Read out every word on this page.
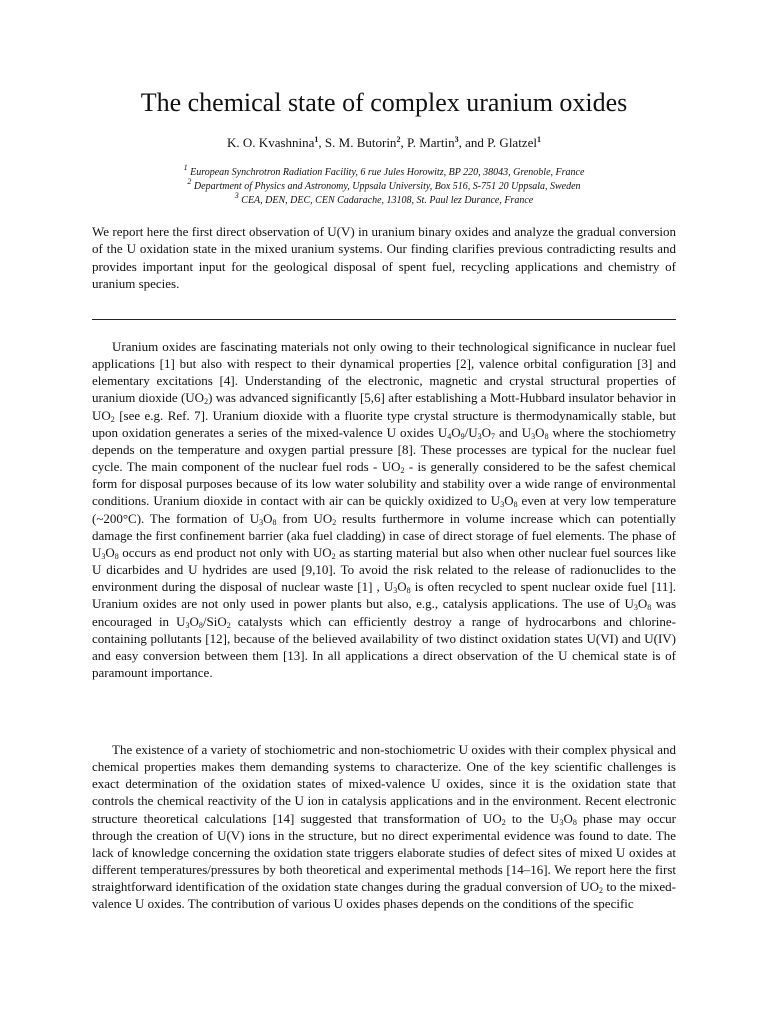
The chemical state of complex uranium oxides
K. O. Kvashnina$^1$, S. M. Butorin$^2$, P. Martin$^3$, and P. Glatzel$^1$
$^1$ European Synchrotron Radiation Facility, 6 rue Jules Horowitz, BP 220, 38043, Grenoble, France
$^2$ Department of Physics and Astronomy, Uppsala University, Box 516, S-751 20 Uppsala, Sweden
$^3$ CEA, DEN, DEC, CEN Cadarache, 13108, St. Paul lez Durance, France

We report here the first direct observation of U(V) in uranium binary oxides and analyze the gradual conversion of the U oxidation state in the mixed uranium systems. Our finding clarifies previous contradicting results and provides important input for the geological disposal of spent fuel, recycling applications and chemistry of uranium species.

Uranium oxides are fascinating materials not only owing to their technological significance in nuclear fuel applications [1] but also with respect to their dynamical properties [2], valence orbital configuration [3] and elementary excitations [4]. Understanding of the electronic, magnetic and crystal structural properties of uranium dioxide $(UO_2)$ was advanced significantly [5,6] after establishing a Mott-Hubbard insulator behavior in $UO_2$ [see e.g. Ref. 7]. Uranium dioxide with a fluorite type crystal structure is thermodynamically stable, but upon oxidation generates a series of the mixed-valence U oxides $U_4O_9/U_3O_7$ and $U_3O_8$ where the stochiometry depends on the temperature and oxygen partial pressure [8]. These processes are typical for the nuclear fuel cycle. The main component of the nuclear fuel rods - $UO_2$ - is generally considered to be the safest chemical form for disposal purposes because of its low water solubility and stability over a wide range of environmental conditions. Uranium dioxide in contact with air can be quickly oxidized to $U_3O_8$ even at very low temperature (~200°C). The formation of $U_3O_8$ from $UO_2$ results furthermore in volume increase which can potentially damage the first confinement barrier (aka fuel cladding) in case of direct storage of fuel elements. The phase of $U_3O_8$ occurs as end product not only with $UO_2$ as starting material but also when other nuclear fuel sources like U dicarbides and U hydrides are used [9,10]. To avoid the risk related to the release of radionuclides to the environment during the disposal of nuclear waste [1] , $U_3O_8$ is often recycled to spent nuclear oxide fuel [11]. Uranium oxides are not only used in power plants but also, e.g., catalysis applications. The use of $U_3O_8$ was encouraged in $U_3O_8/SiO_2$ catalysts which can efficiently destroy a range of hydrocarbons and chlorine-containing pollutants [12], because of the believed availability of two distinct oxidation states U(VI) and U(IV) and easy conversion between them [13]. In all applications a direct observation of the U chemical state is of paramount importance.

The existence of a variety of stochiometric and non-stochiometric U oxides with their complex physical and chemical properties makes them demanding systems to characterize. One of the key scientific challenges is exact determination of the oxidation states of mixed-valence U oxides, since it is the oxidation state that controls the chemical reactivity of the U ion in catalysis applications and in the environment. Recent electronic structure theoretical calculations [14] suggested that transformation of $UO_2$ to the $U_3O_8$ phase may occur through the creation of U(V) ions in the structure, but no direct experimental evidence was found to date. The lack of knowledge concerning the oxidation state triggers elaborate studies of defect sites of mixed U oxides at different temperatures/pressures by both theoretical and experimental methods [14–16]. We report here the first straightforward identification of the oxidation state changes during the gradual conversion of $UO_2$ to the mixed-valence U oxides. The contribution of various U oxides phases depends on the conditions of the specific
